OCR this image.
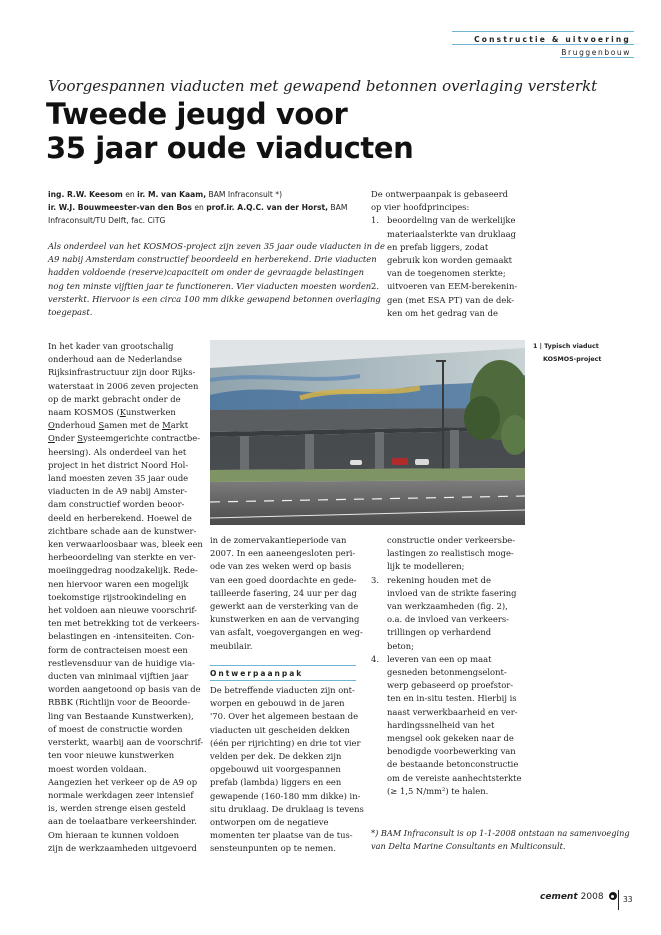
Constructie & uitvoering
Bruggenbouw
Voorgespannen viaducten met gewapend betonnen overlaging versterkt
Tweede jeugd voor
35 jaar oude viaducten
ing. R.W. Keesom en ir. M. van Kaam, BAM Infraconsult *)
ir. W.J. Bouwmeester-van den Bos en prof.ir. A.Q.C. van der Horst, BAM
Infraconsult/TU Delft, fac. CiTG
Als onderdeel van het KOSMOS-project zijn zeven 35 jaar oude viaducten in de
A9 nabij Amsterdam constructief beoordeeld en herberekend. Drie viaducten
hadden voldoende (reserve)capaciteit om onder de gevraagde belastingen
nog ten minste vijftien jaar te functioneren. Vier viaducten moesten worden
versterkt. Hiervoor is een circa 100 mm dikke gewapend betonnen overlaging
toegepast.
In het kader van grootschalig
onderhoud aan de Nederlandse
Rijksinfrastructuur zijn door Rijks-
waterstaat in 2006 zeven projecten
op de markt gebracht onder de
naam KOSMOS (Kunstwerken
Onderhoud Samen met de Markt
Onder Systeemgerichte contractbe-
heersing). Als onderdeel van het
project in het district Noord Hol-
land moesten zeven 35 jaar oude
viaducten in de A9 nabij Amster-
dam constructief worden beoor-
deeld en herberekend. Hoewel de
zichtbare schade aan de kunstwer-
ken verwaarloosbaar was, bleek een
herbeoordeling van sterkte en ver-
moeiinggedrag noodzakelijk. Rede-
nen hiervoor waren een mogelijk
toekomstige rijstrookindeling en
het voldoen aan nieuwe voorschrif-
ten met betrekking tot de verkeers-
belastingen en -intensiteiten. Con-
form de contracteisen moest een
restlevensduur van de huidige via-
ducten van minimaal vijftien jaar
worden aangetoond op basis van de
RBBK (Richtlijn voor de Beoorde-
ling van Bestaande Kunstwerken),
of moest de constructie worden
versterkt, waarbij aan de voorschrif-
ten voor nieuwe kunstwerken
moest worden voldaan.
Aangezien het verkeer op de A9 op
normale werkdagen zeer intensief
is, werden strenge eisen gesteld
aan de toelaatbare verkeershinder.
Om hieraan te kunnen voldoen
zijn de werkzaamheden uitgevoerd
1 | Typisch viaduct
KOSMOS-project
in de zomervakantieperiode van
2007. In een aaneengesloten peri-
ode van zes weken werd op basis
van een goed doordachte en gede-
tailleerde fasering, 24 uur per dag
gewerkt aan de versterking van de
kunstwerken en aan de vervanging
van asfalt, voegovergangen en weg-
meubilair.
Ontwerpaanpak
De betreffende viaducten zijn ont-
worpen en gebouwd in de jaren
'70. Over het algemeen bestaan de
viaducten uit gescheiden dekken
(één per rijrichting) en drie tot vier
velden per dek. De dekken zijn
opgebouwd uit voorgespannen
prefab (lambda) liggers en een
gewapende (160-180 mm dikke) in-
situ druklaag. De druklaag is tevens
ontworpen om de negatieve
momenten ter plaatse van de tus-
sensteunpunten op te nemen.
De ontwerpaanpak is gebaseerd
op vier hoofdprincipes:
1. beoordeling van de werkelijke
materiaalsterkte van druklaag
en prefab liggers, zodat
gebruik kon worden gemaakt
van de toegenomen sterkte;
2. uitvoeren van EEM-berekenin-
gen (met ESA PT) van de dek-
ken om het gedrag van de
constructie onder verkeersbe-
lastingen zo realistisch moge-
lijk te modelleren;
3. rekening houden met de
invloed van de strikte fasering
van werkzaamheden (fig. 2),
o.a. de invloed van verkeers-
trillingen op verhardend
beton;
4. leveren van een op maat
gesneden betonmengselont-
werp gebaseerd op proefstor-
ten en in-situ testen. Hierbij is
naast verwerkbaarheid en ver-
hardingssnelheid van het
mengsel ook gekeken naar de
benodigde voorbewerking van
de bestaande betonconstructie
om de vereiste aanhechtsterkte
(≥ 1,5 N/mm²) te halen.
*) BAM Infraconsult is op 1-1-2008 ontstaan na samenvoeging
van Delta Marine Consultants en Multiconsult.
cement 2008	33
